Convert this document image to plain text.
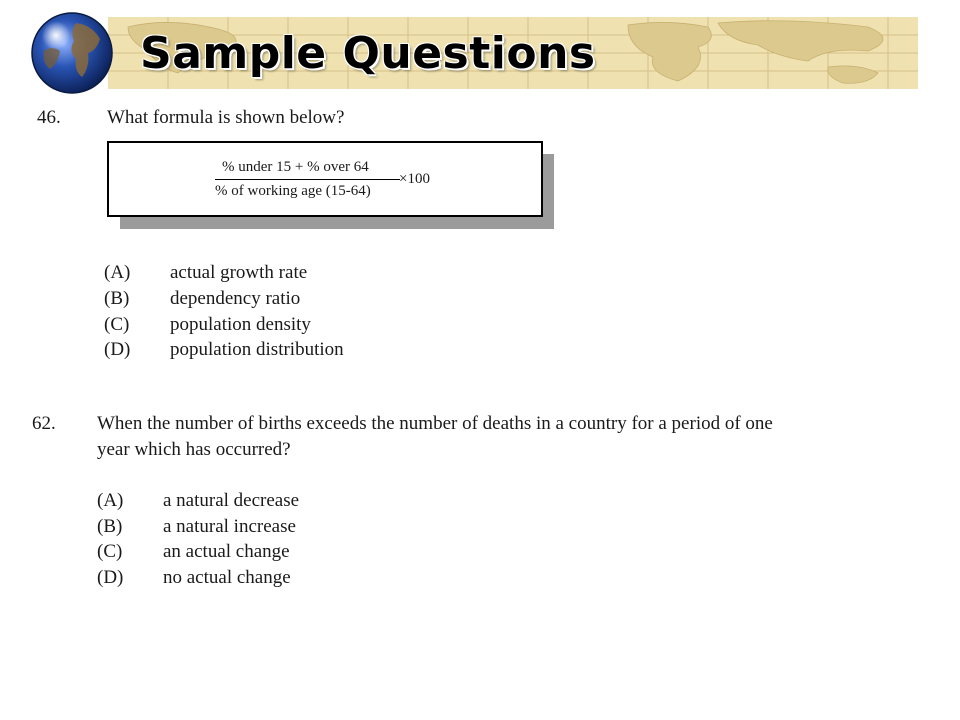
Sample Questions
46. What formula is shown below?

% under 15 + % over 64
% of working age (15-64)
×100
(A) actual growth rate
(B) dependency ratio
(C) population density
(D) population distribution
62. When the number of births exceeds the number of deaths in a country for a period of one

year which has occurred?

(A) a natural decrease
(B) a natural increase
(C) an actual change
(D) no actual change
